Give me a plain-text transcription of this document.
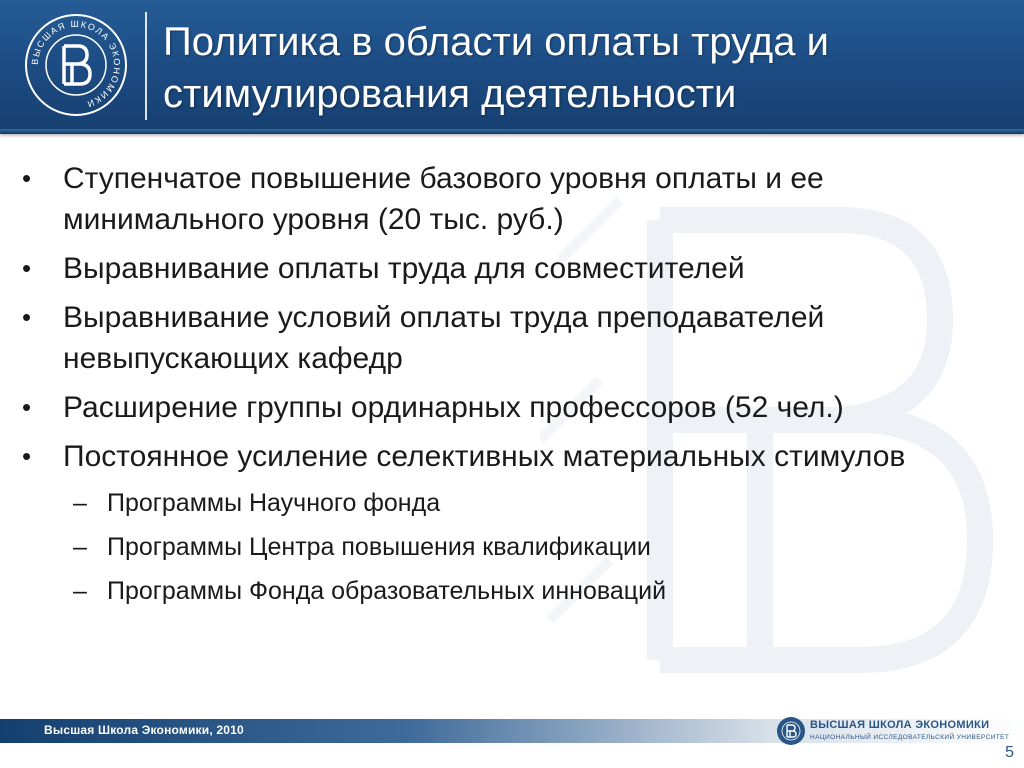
ВЫСШАЯ ШКОЛА ЭКОНОМИКИ
Политика в области оплаты труда и
стимулирования деятельности
• Ступенчатое повышение базового уровня оплаты и ее минимального уровня (20 тыс. руб.)
• Выравнивание оплаты труда для совместителей
• Выравнивание условий оплаты труда преподавателей невыпускающих кафедр
• Расширение группы ординарных профессоров (52 чел.)
• Постоянное усиление селективных материальных стимулов
– Программы Научного фонда
– Программы Центра повышения квалификации
– Программы Фонда образовательных инноваций
Высшая Школа Экономики, 2010	ВЫСШАЯ ШКОЛА ЭКОНОМИКИ
НАЦИОНАЛЬНЫЙ ИССЛЕДОВАТЕЛЬСКИЙ УНИВЕРСИТЕТ
5
